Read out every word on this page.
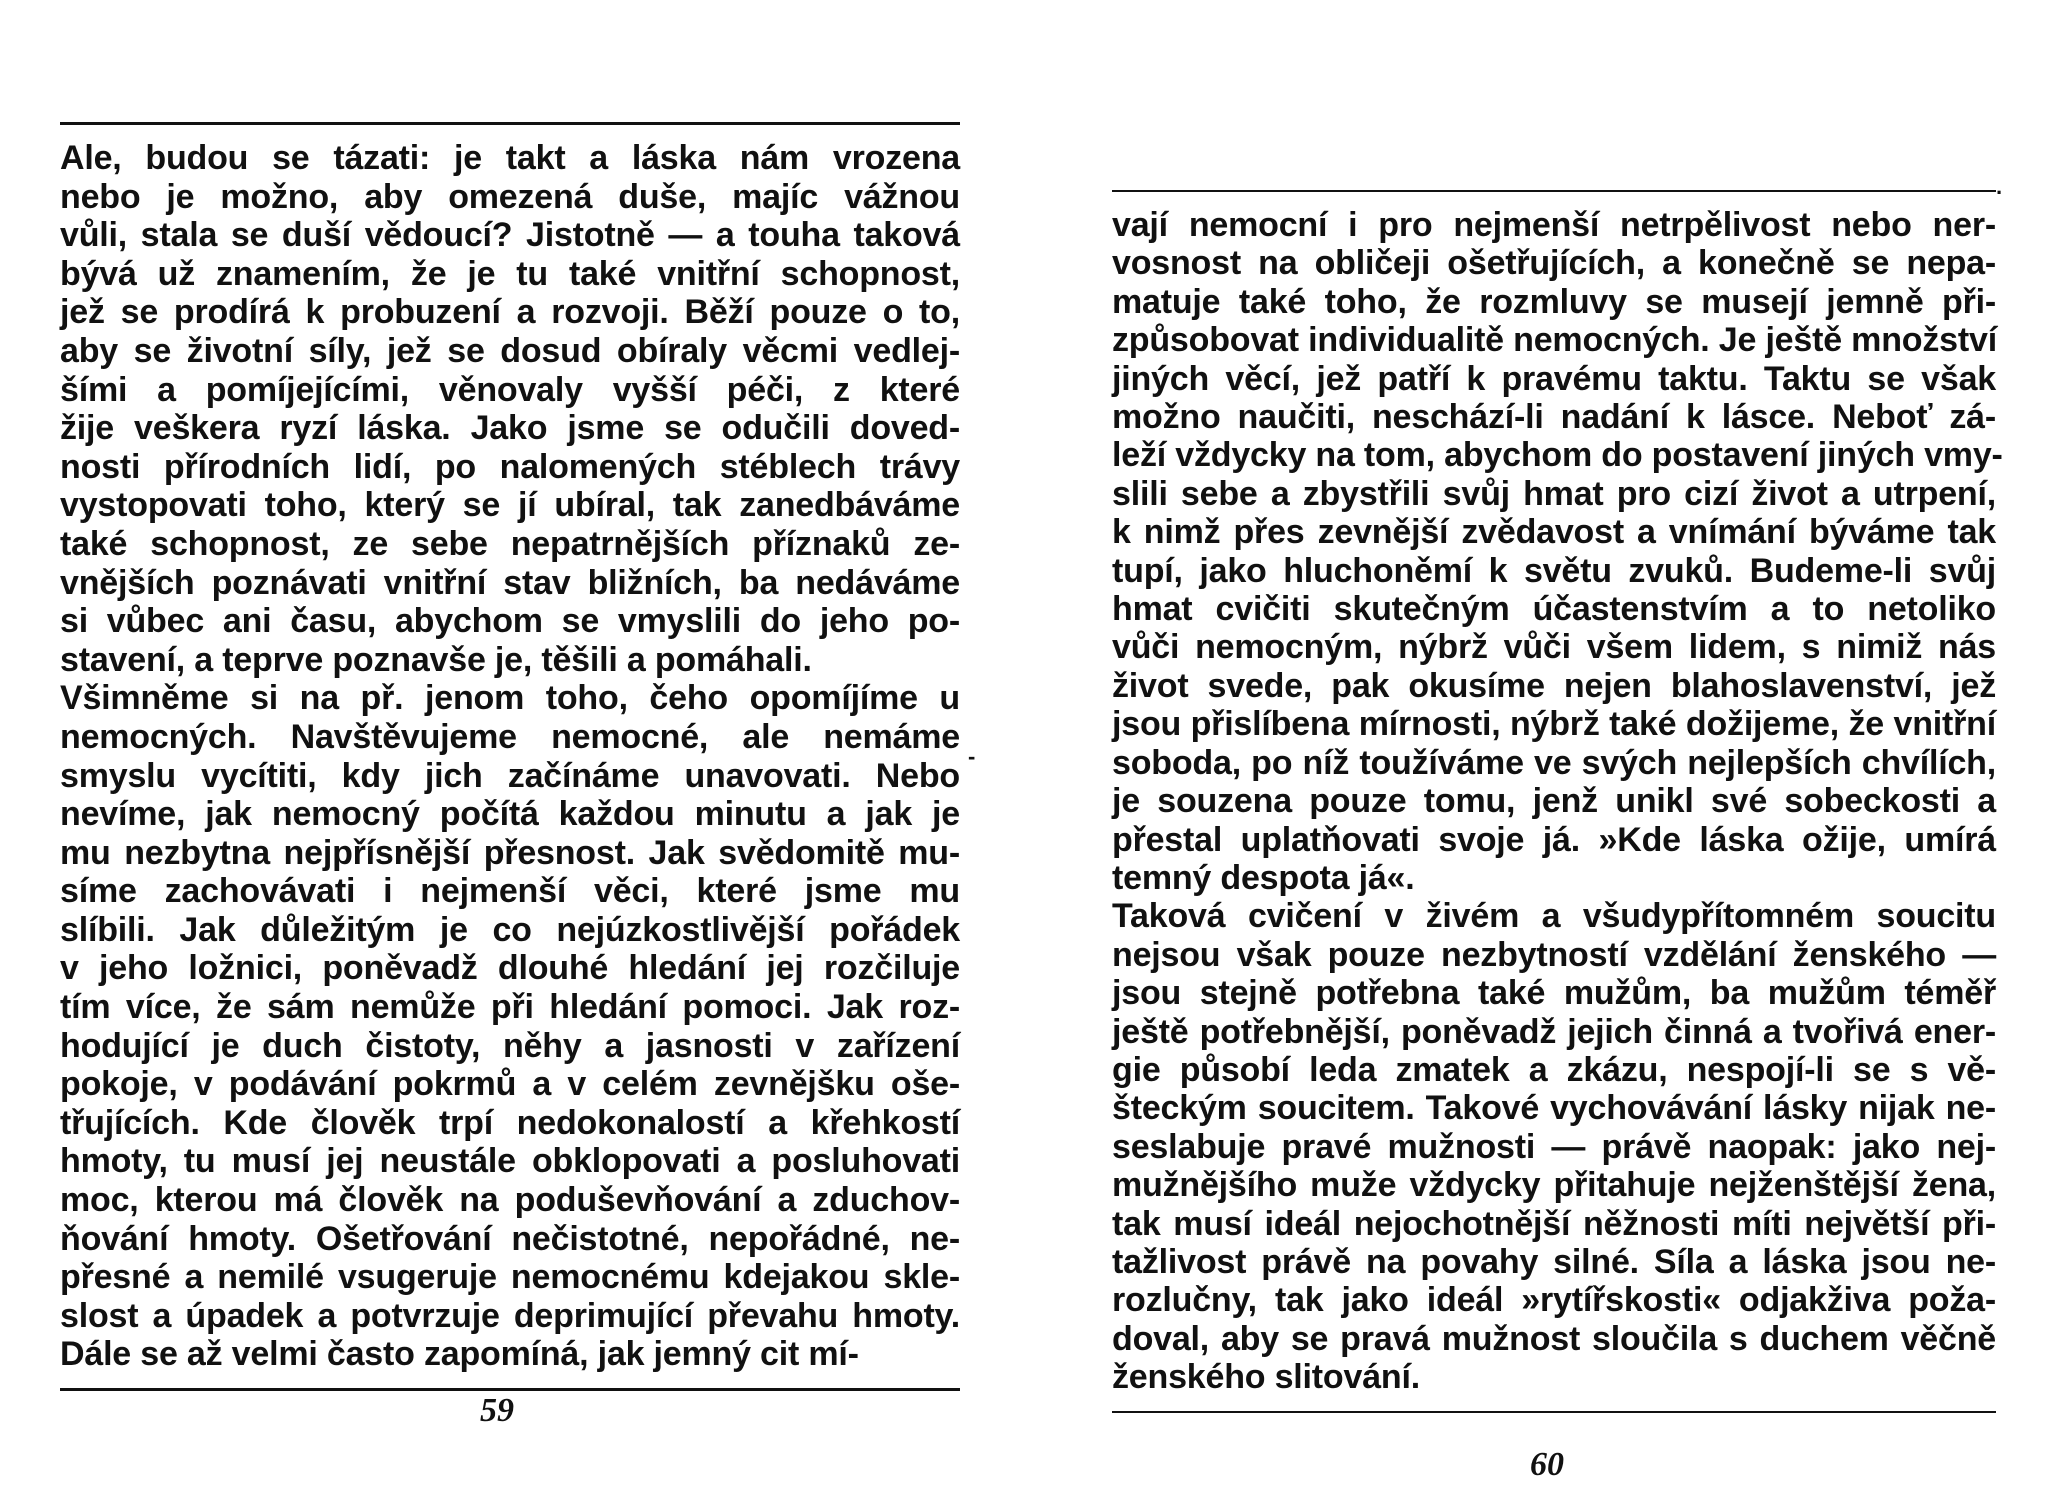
Ale, budou se tázati: je takt a láska nám vrozena
nebo je možno, aby omezená duše, majíc vážnou
vůli, stala se duší vědoucí? Jistotně — a touha taková
bývá už znamením, že je tu také vnitřní schopnost,
jež se prodírá k probuzení a rozvoji. Běží pouze o to,
aby se životní síly, jež se dosud obíraly věcmi vedlej-
šími a pomíjejícími, věnovaly vyšší péči, z které
žije veškera ryzí láska. Jako jsme se odučili doved-
nosti přírodních lidí, po nalomených stéblech trávy
vystopovati toho, který se jí ubíral, tak zanedbáváme
také schopnost, ze sebe nepatrnějších příznaků ze-
vnějších poznávati vnitřní stav bližních, ba nedáváme
si vůbec ani času, abychom se vmyslili do jeho po-
stavení, a teprve poznavše je, těšili a pomáhali.
Všimněme si na př. jenom toho, čeho opomíjíme u
nemocných. Navštěvujeme nemocné, ale nemáme
smyslu vycítiti, kdy jich začínáme unavovati. Nebo
nevíme, jak nemocný počítá každou minutu a jak je
mu nezbytna nejpřísnější přesnost. Jak svědomitě mu-
síme zachovávati i nejmenší věci, které jsme mu
slíbili. Jak důležitým je co nejúzkostlivější pořádek
v jeho ložnici, poněvadž dlouhé hledání jej rozčiluje
tím více, že sám nemůže při hledání pomoci. Jak roz-
hodující je duch čistoty, něhy a jasnosti v zařízení
pokoje, v podávání pokrmů a v celém zevnějšku oše-
třujících. Kde člověk trpí nedokonalostí a křehkostí
hmoty, tu musí jej neustále obklopovati a posluhovati
moc, kterou má člověk na poduševňování a zduchov-
ňování hmoty. Ošetřování nečistotné, nepořádné, ne-
přesné a nemilé vsugeruje nemocnému kdejakou skle-
slost a úpadek a potvrzuje deprimující převahu hmoty.
Dále se až velmi často zapomíná, jak jemný cit mí-
59
-
vají nemocní i pro nejmenší netrpělivost nebo ner-
vosnost na obličeji ošetřujících, a konečně se nepa-
matuje také toho, že rozmluvy se musejí jemně při-
způsobovat individualitě nemocných. Je ještě množství
jiných věcí, jež patří k pravému taktu. Taktu se však
možno naučiti, neschází-li nadání k lásce. Neboť zá-
leží vždycky na tom, abychom do postavení jiných vmy-
slili sebe a zbystřili svůj hmat pro cizí život a utrpení,
k nimž přes zevnější zvědavost a vnímání býváme tak
tupí, jako hluchoněmí k světu zvuků. Budeme-li svůj
hmat cvičiti skutečným účastenstvím a to netoliko
vůči nemocným, nýbrž vůči všem lidem, s nimiž nás
život svede, pak okusíme nejen blahoslavenství, jež
jsou přislíbena mírnosti, nýbrž také dožijeme, že vnitřní
soboda, po níž toužíváme ve svých nejlepších chvílích,
je souzena pouze tomu, jenž unikl své sobeckosti a
přestal uplatňovati svoje já. »Kde láska ožije, umírá
temný despota já«.
Taková cvičení v živém a všudypřítomném soucitu
nejsou však pouze nezbytností vzdělání ženského —
jsou stejně potřebna také mužům, ba mužům téměř
ještě potřebnější, poněvadž jejich činná a tvořivá ener-
gie působí leda zmatek a zkázu, nespojí-li se s vě-
šteckým soucitem. Takové vychovávání lásky nijak ne-
seslabuje pravé mužnosti — právě naopak: jako nej-
mužnějšího muže vždycky přitahuje nejženštější žena,
tak musí ideál nejochotnější něžnosti míti největší při-
tažlivost právě na povahy silné. Síla a láska jsou ne-
rozlučny, tak jako ideál »rytířskosti« odjakživa poža-
doval, aby se pravá mužnost sloučila s duchem věčně
ženského slitování.
·
60
